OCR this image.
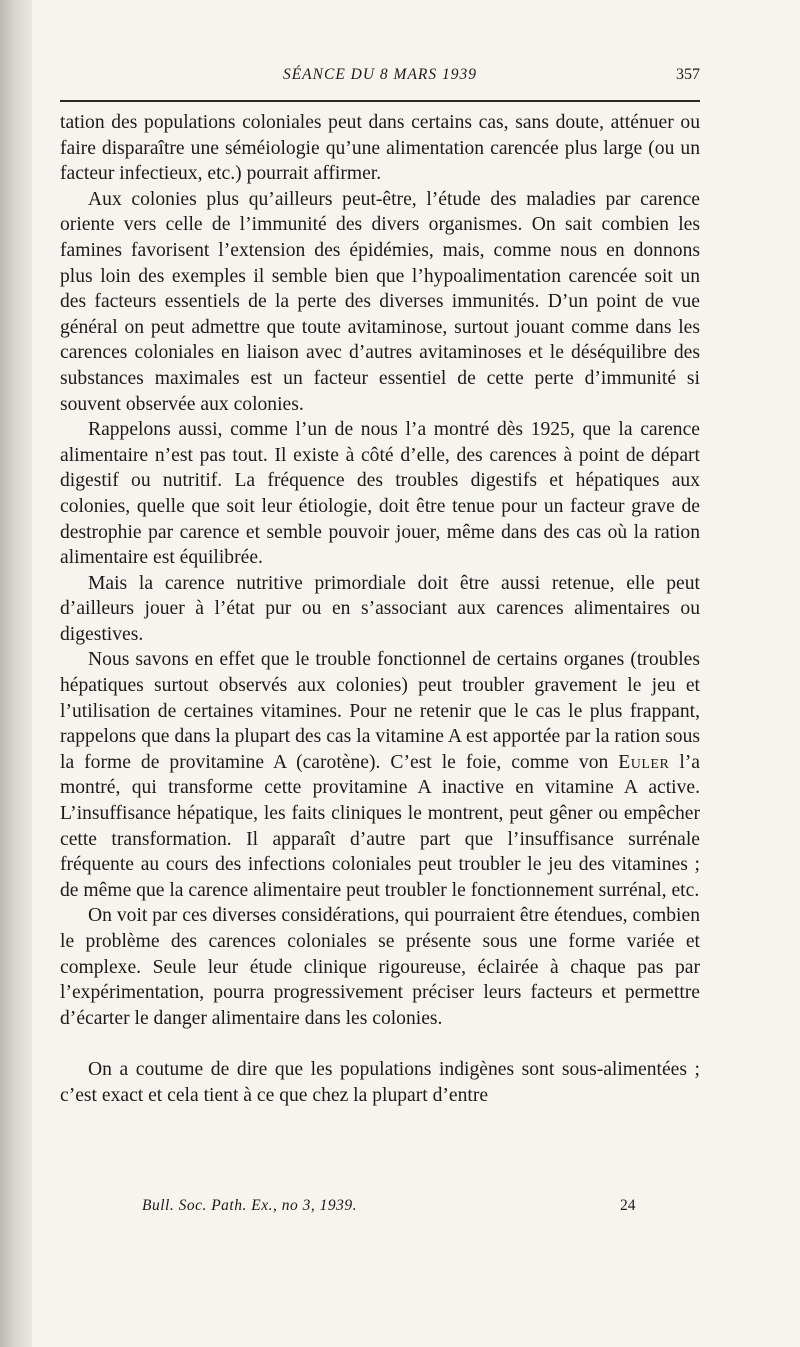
SÉANCE DU 8 MARS 1939	357

tation des populations coloniales peut dans certains cas, sans doute, atténuer ou faire disparaître une séméiologie qu’une alimentation carencée plus large (ou un facteur infectieux, etc.) pourrait affirmer.

Aux colonies plus qu’ailleurs peut-être, l’étude des maladies par carence oriente vers celle de l’immunité des divers organismes. On sait combien les famines favorisent l’extension des épidémies, mais, comme nous en donnons plus loin des exemples il semble bien que l’hypoalimentation carencée soit un des facteurs essentiels de la perte des diverses immunités. D’un point de vue général on peut admettre que toute avitaminose, surtout jouant comme dans les carences coloniales en liaison avec d’autres avitaminoses et le déséquilibre des substances maximales est un facteur essentiel de cette perte d’immunité si souvent observée aux colonies.

Rappelons aussi, comme l’un de nous l’a montré dès 1925, que la carence alimentaire n’est pas tout. Il existe à côté d’elle, des carences à point de départ digestif ou nutritif. La fréquence des troubles digestifs et hépatiques aux colonies, quelle que soit leur étiologie, doit être tenue pour un facteur grave de destrophie par carence et semble pouvoir jouer, même dans des cas où la ration alimentaire est équilibrée.

Mais la carence nutritive primordiale doit être aussi retenue, elle peut d’ailleurs jouer à l’état pur ou en s’associant aux carences alimentaires ou digestives.

Nous savons en effet que le trouble fonctionnel de certains organes (troubles hépatiques surtout observés aux colonies) peut troubler gravement le jeu et l’utilisation de certaines vitamines. Pour ne retenir que le cas le plus frappant, rappelons que dans la plupart des cas la vitamine A est apportée par la ration sous la forme de provitamine A (carotène). C’est le foie, comme von Euler l’a montré, qui transforme cette provitamine A inactive en vitamine A active. L’insuffisance hépatique, les faits cliniques le montrent, peut gêner ou empêcher cette transformation. Il apparaît d’autre part que l’insuffisance surrénale fréquente au cours des infections coloniales peut troubler le jeu des vitamines ; de même que la carence alimentaire peut troubler le fonctionnement surrénal, etc.

On voit par ces diverses considérations, qui pourraient être étendues, combien le problème des carences coloniales se présente sous une forme variée et complexe. Seule leur étude clinique rigoureuse, éclairée à chaque pas par l’expérimentation, pourra progressivement préciser leurs facteurs et permettre d’écarter le danger alimentaire dans les colonies.

On a coutume de dire que les populations indigènes sont sous-alimentées ; c’est exact et cela tient à ce que chez la plupart d’entre

Bull. Soc. Path. Ex., no 3, 1939.	24
